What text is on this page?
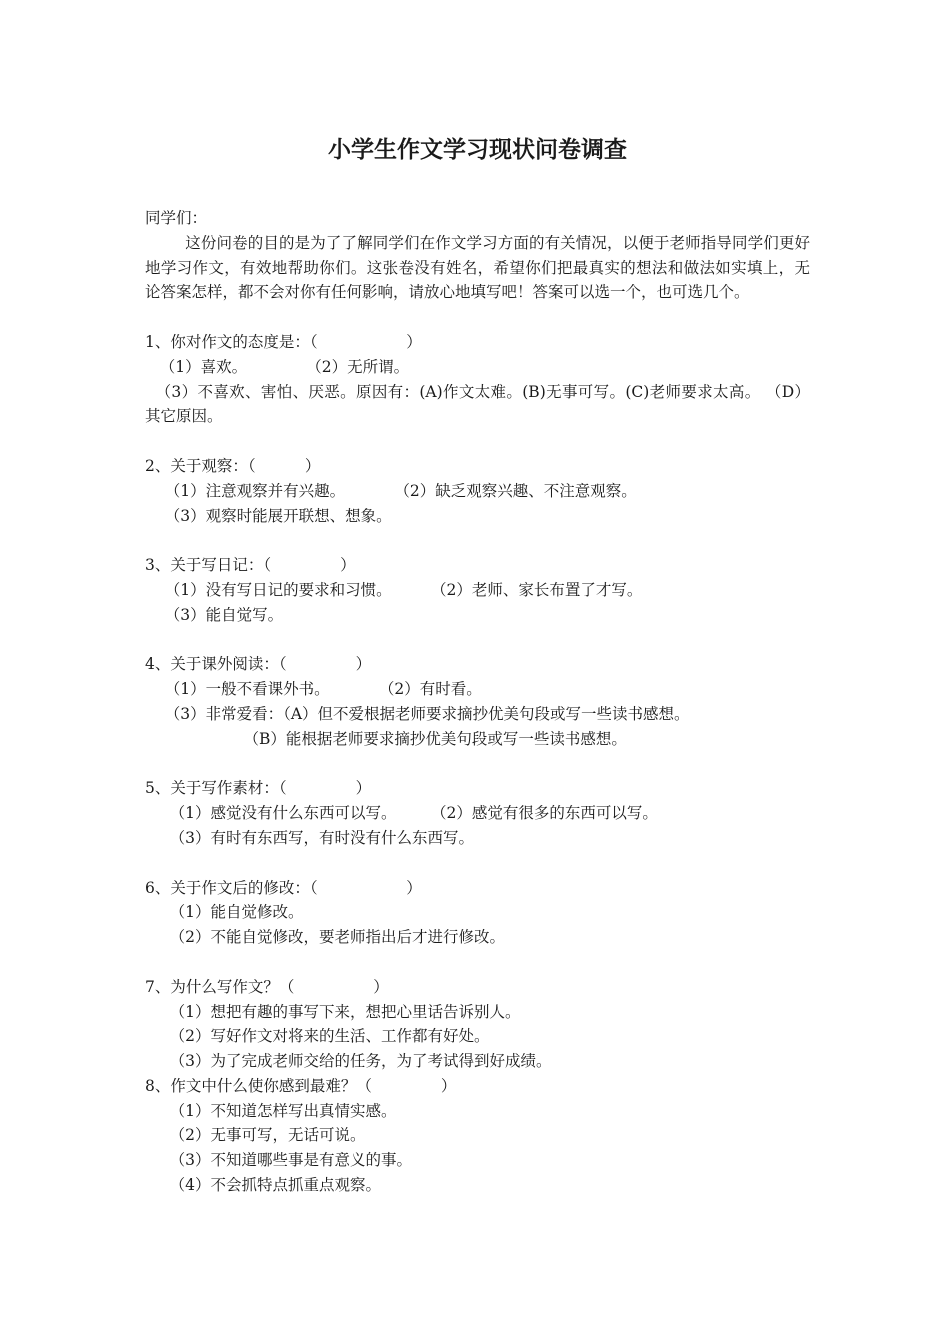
小学生作文学习现状问卷调查

同学们：

这份问卷的目的是为了了解同学们在作文学习方面的有关情况，以便于老师指导同学们更好地学习作文，有效地帮助你们。这张卷没有姓名，希望你们把最真实的想法和做法如实填上，无论答案怎样，都不会对你有任何影响，请放心地填写吧！答案可以选一个，也可选几个。

1、你对作文的态度是：（                  ）

（1）喜欢。            （2）无所谓。

（3）不喜欢、害怕、厌恶。原因有：(A)作文太难。(B)无事可写。(C)老师要求太高。 （D）其它原因。

2、关于观察：（          ）

（1）注意观察并有兴趣。          （2）缺乏观察兴趣、不注意观察。

（3）观察时能展开联想、想象。

3、关于写日记：（              ）

（1）没有写日记的要求和习惯。        （2）老师、家长布置了才写。

（3）能自觉写。

4、关于课外阅读：（              ）

（1）一般不看课外书。          （2）有时看。

（3）非常爱看：（A）但不爱根据老师要求摘抄优美句段或写一些读书感想。

（B）能根据老师要求摘抄优美句段或写一些读书感想。

5、关于写作素材：（              ）

（1）感觉没有什么东西可以写。       （2）感觉有很多的东西可以写。

（3）有时有东西写，有时没有什么东西写。

6、关于作文后的修改：（                  ）

（1）能自觉修改。

（2）不能自觉修改，要老师指出后才进行修改。

7、为什么写作文？（                ）

（1）想把有趣的事写下来，想把心里话告诉别人。

（2）写好作文对将来的生活、工作都有好处。

（3）为了完成老师交给的任务，为了考试得到好成绩。

8、作文中什么使你感到最难？（              ）

（1）不知道怎样写出真情实感。

（2）无事可写，无话可说。

（3）不知道哪些事是有意义的事。

（4）不会抓特点抓重点观察。
